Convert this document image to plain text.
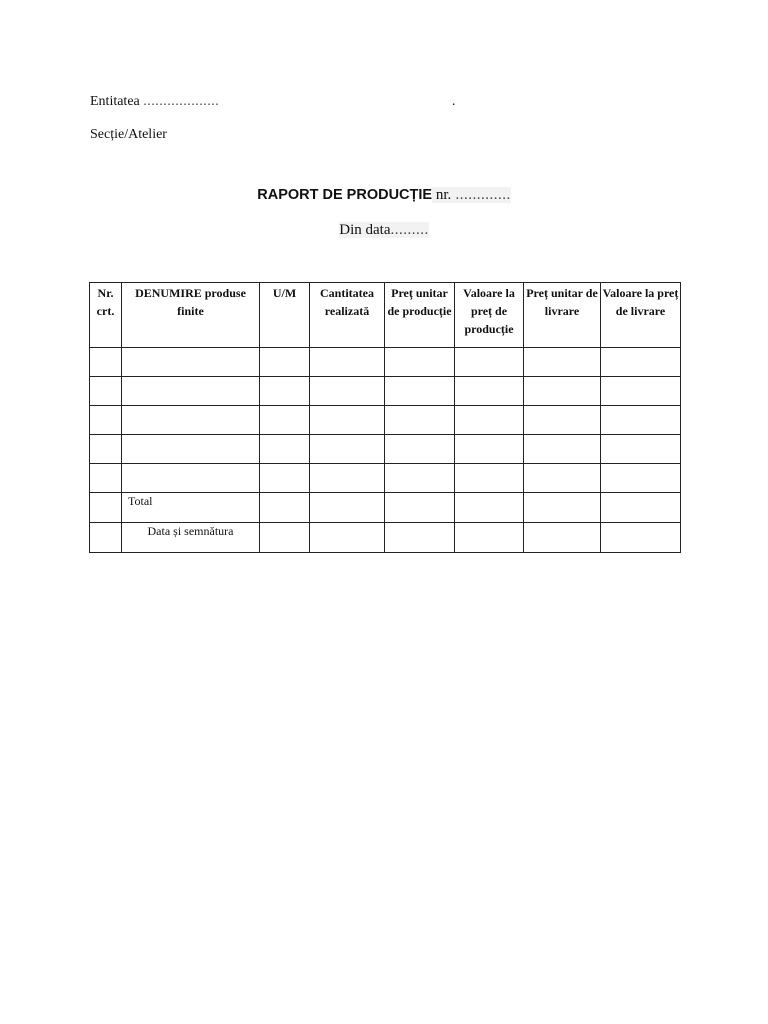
Entitatea ...................	.
Secție/Atelier
RAPORT DE PRODUCȚIE nr. .............
Din data.........
Nr. crt.	DENUMIRE produse finite	U/M	Cantitatea realizată	Preț unitar de producție	Valoare la preț de producție	Preț unitar de livrare	Valoare la preț de livrare

	Total						
	Data și semnătura						
